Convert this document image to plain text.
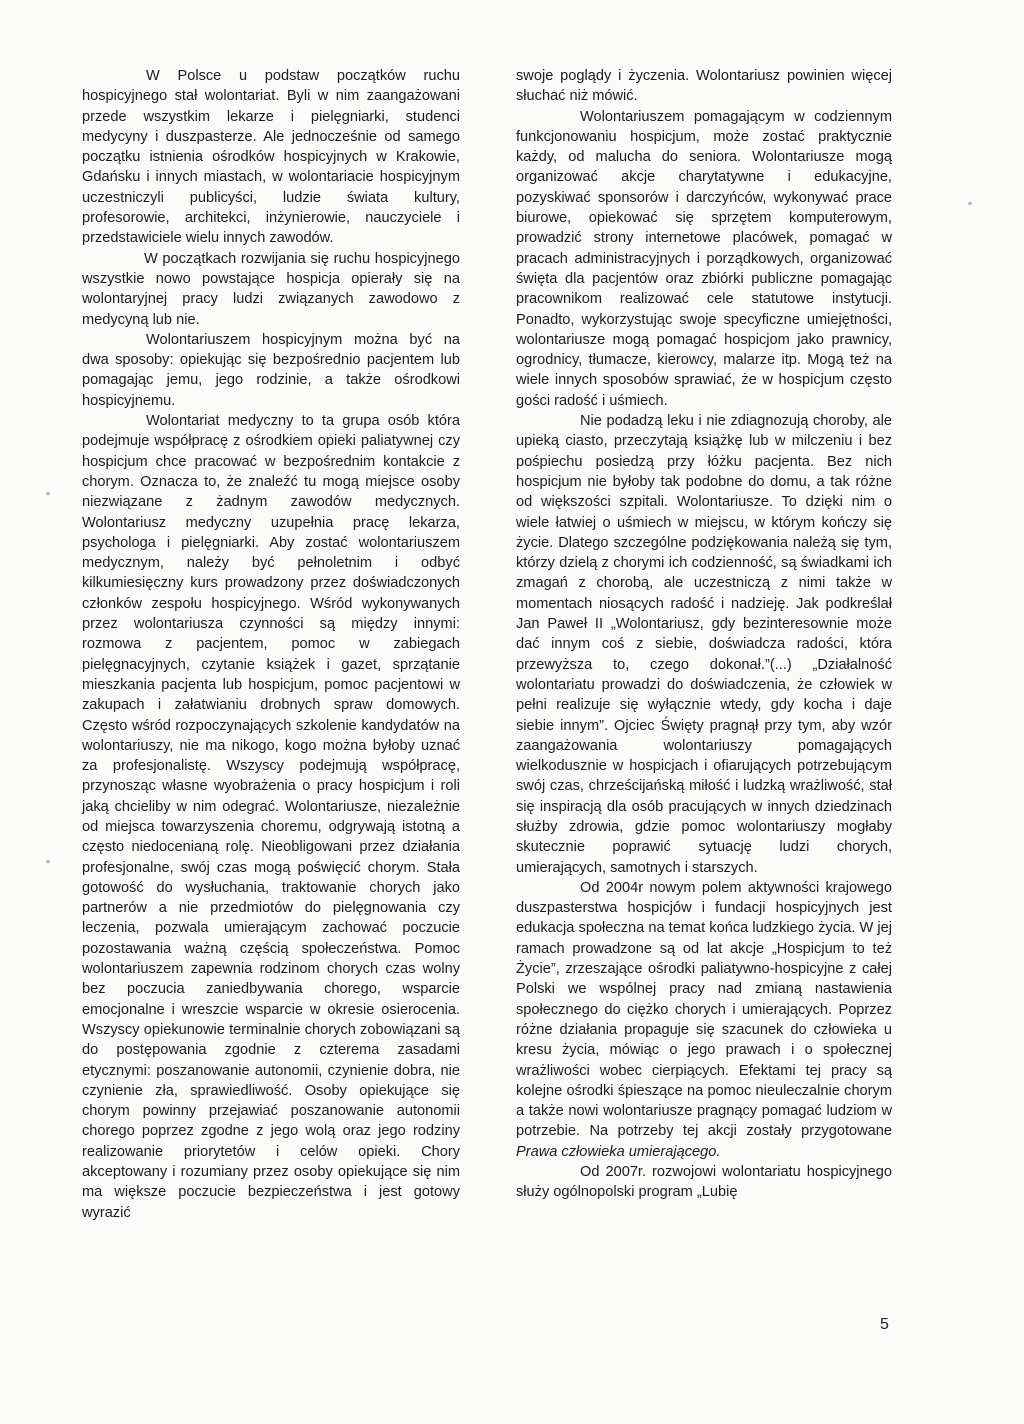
W Polsce u podstaw początków ruchu hospicyjnego stał wolontariat. Byli w nim zaangażowani przede wszystkim lekarze i pielęgniarki, studenci medycyny i duszpasterze. Ale jednocześnie od samego początku istnienia ośrodków hospicyjnych w Krakowie, Gdańsku i innych miastach, w wolontariacie hospicyjnym uczestniczyli publicyści, ludzie świata kultury, profesorowie, architekci, inżynierowie, nauczyciele i przedstawiciele wielu innych zawodów.

W początkach rozwijania się ruchu hospicyjnego wszystkie nowo powstające hospicja opierały się na wolontaryjnej pracy ludzi związanych zawodowo z medycyną lub nie.

Wolontariuszem hospicyjnym można być na dwa sposoby: opiekując się bezpośrednio pacjentem lub pomagając jemu, jego rodzinie, a także ośrodkowi hospicyjnemu.

Wolontariat medyczny to ta grupa osób która podejmuje współpracę z ośrodkiem opieki paliatywnej czy hospicjum chce pracować w bezpośrednim kontakcie z chorym. Oznacza to, że znaleźć tu mogą miejsce osoby niezwiązane z żadnym zawodów medycznych. Wolontariusz medyczny uzupełnia pracę lekarza, psychologa i pielęgniarki. Aby zostać wolontariuszem medycznym, należy być pełnoletnim i odbyć kilkumiesięczny kurs prowadzony przez doświadczonych członków zespołu hospicyjnego. Wśród wykonywanych przez wolontariusza czynności są między innymi: rozmowa z pacjentem, pomoc w zabiegach pielęgnacyjnych, czytanie książek i gazet, sprzątanie mieszkania pacjenta lub hospicjum, pomoc pacjentowi w zakupach i załatwianiu drobnych spraw domowych. Często wśród rozpoczynających szkolenie kandydatów na wolontariuszy, nie ma nikogo, kogo można byłoby uznać za profesjonalistę. Wszyscy podejmują współpracę, przynosząc własne wyobrażenia o pracy hospicjum i roli jaką chcieliby w nim odegrać. Wolontariusze, niezależnie od miejsca towarzyszenia choremu, odgrywają istotną a często niedocenianą rolę. Nieobligowani przez działania profesjonalne, swój czas mogą poświęcić chorym. Stała gotowość do wysłuchania, traktowanie chorych jako partnerów a nie przedmiotów do pielęgnowania czy leczenia, pozwala umierającym zachować poczucie pozostawania ważną częścią społeczeństwa. Pomoc wolontariuszem zapewnia rodzinom chorych czas wolny bez poczucia zaniedbywania chorego, wsparcie emocjonalne i wreszcie wsparcie w okresie osierocenia. Wszyscy opiekunowie terminalnie chorych zobowiązani są do postępowania zgodnie z czterema zasadami etycznymi: poszanowanie autonomii, czynienie dobra, nie czynienie zła, sprawiedliwość. Osoby opiekujące się chorym powinny przejawiać poszanowanie autonomii chorego poprzez zgodne z jego wolą oraz jego rodziny realizowanie priorytetów i celów opieki. Chory akceptowany i rozumiany przez osoby opiekujące się nim ma większe poczucie bezpieczeństwa i jest gotowy wyrazić

swoje poglądy i życzenia. Wolontariusz powinien więcej słuchać niż mówić.

Wolontariuszem pomagającym w codziennym funkcjonowaniu hospicjum, może zostać praktycznie każdy, od malucha do seniora. Wolontariusze mogą organizować akcje charytatywne i edukacyjne, pozyskiwać sponsorów i darczyńców, wykonywać prace biurowe, opiekować się sprzętem komputerowym, prowadzić strony internetowe placówek, pomagać w pracach administracyjnych i porządkowych, organizować święta dla pacjentów oraz zbiórki publiczne pomagając pracownikom realizować cele statutowe instytucji. Ponadto, wykorzystując swoje specyficzne umiejętności, wolontariusze mogą pomagać hospicjom jako prawnicy, ogrodnicy, tłumacze, kierowcy, malarze itp. Mogą też na wiele innych sposobów sprawiać, że w hospicjum często gości radość i uśmiech.

Nie podadzą leku i nie zdiagnozują choroby, ale upieką ciasto, przeczytają książkę lub w milczeniu i bez pośpiechu posiedzą przy łóżku pacjenta. Bez nich hospicjum nie byłoby tak podobne do domu, a tak różne od większości szpitali. Wolontariusze. To dzięki nim o wiele łatwiej o uśmiech w miejscu, w którym kończy się życie. Dlatego szczególne podziękowania należą się tym, którzy dzielą z chorymi ich codzienność, są świadkami ich zmagań z chorobą, ale uczestniczą z nimi także w momentach niosących radość i nadzieję. Jak podkreślał Jan Paweł II „Wolontariusz, gdy bezinteresownie może dać innym coś z siebie, doświadcza radości, która przewyższa to, czego dokonał.”(...) „Działalność wolontariatu prowadzi do doświadczenia, że człowiek w pełni realizuje się wyłącznie wtedy, gdy kocha i daje siebie innym”. Ojciec Święty pragnął przy tym, aby wzór zaangażowania wolontariuszy pomagających wielkodusznie w hospicjach i ofiarujących potrzebującym swój czas, chrześcijańską miłość i ludzką wrażliwość, stał się inspiracją dla osób pracujących w innych dziedzinach służby zdrowia, gdzie pomoc wolontariuszy mogłaby skutecznie poprawić sytuację ludzi chorych, umierających, samotnych i starszych.

Od 2004r nowym polem aktywności krajowego duszpasterstwa hospicjów i fundacji hospicyjnych jest edukacja społeczna na temat końca ludzkiego życia. W jej ramach prowadzone są od lat akcje „Hospicjum to też Życie”, zrzeszające ośrodki paliatywno-hospicyjne z całej Polski we wspólnej pracy nad zmianą nastawienia społecznego do ciężko chorych i umierających. Poprzez różne działania propaguje się szacunek do człowieka u kresu życia, mówiąc o jego prawach i o społecznej wrażliwości wobec cierpiących. Efektami tej pracy są kolejne ośrodki śpieszące na pomoc nieuleczalnie chorym a także nowi wolontariusze pragnący pomagać ludziom w potrzebie. Na potrzeby tej akcji zostały przygotowane Prawa człowieka umierającego.

Od 2007r. rozwojowi wolontariatu hospicyjnego służy ogólnopolski program „Lubię

5
